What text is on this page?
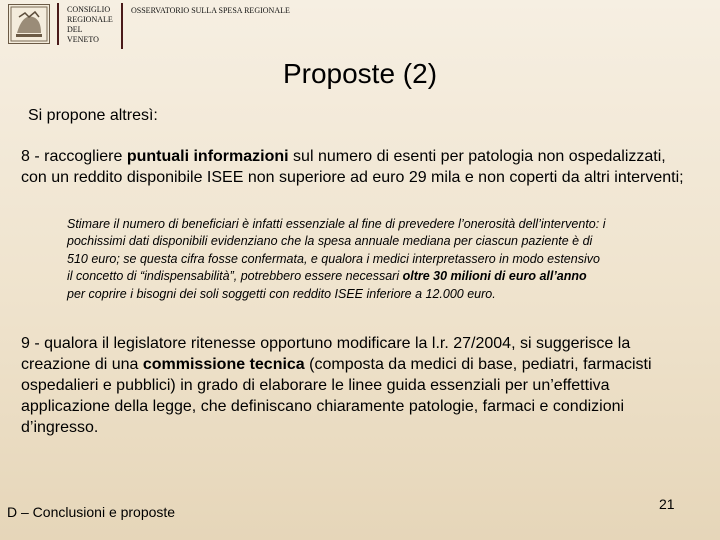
CONSIGLIO
REGIONALE
DEL
VENETO

OSSERVATORIO SULLA SPESA REGIONALE
Proposte (2)
Si propone altresì:

8 - raccogliere puntuali informazioni sul numero di esenti per patologia non ospedalizzati, con un reddito disponibile ISEE non superiore ad euro 29 mila e non coperti da altri interventi;

Stimare il numero di beneficiari è infatti essenziale al fine di prevedere l’onerosità dell’intervento: i pochissimi dati disponibili evidenziano che la spesa annuale mediana per ciascun paziente è di 510 euro; se questa cifra fosse confermata, e qualora i medici interpretassero in modo estensivo il concetto di “indispensabilità”, potrebbero essere necessari oltre 30 milioni di euro all’anno per coprire i bisogni dei soli soggetti con reddito ISEE inferiore a 12.000 euro.

9 - qualora il legislatore ritenesse opportuno modificare la l.r. 27/2004, si suggerisce la creazione di una commissione tecnica (composta da medici di base, pediatri, farmacisti ospedalieri e pubblici) in grado di elaborare le linee guida essenziali per un’effettiva applicazione della legge, che definiscano chiaramente patologie, farmaci e condizioni d’ingresso.

D – Conclusioni e proposte	21
